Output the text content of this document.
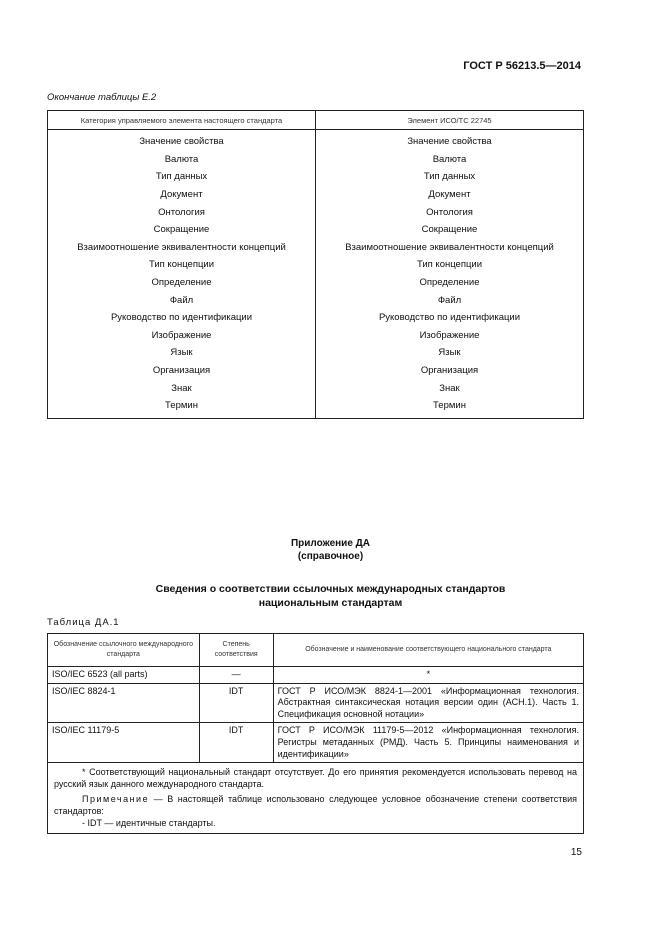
ГОСТ Р 56213.5—2014
Окончание таблицы Е.2
Категория управляемого элемента настоящего стандарта	Элемент ИСО/ТС 22745
Значение свойства	Значение свойства
Валюта	Валюта
Тип данных	Тип данных
Документ	Документ
Онтология	Онтология
Сокращение	Сокращение
Взаимоотношение эквивалентности концепций	Взаимоотношение эквивалентности концепций
Тип концепции	Тип концепции
Определение	Определение
Файл	Файл
Руководство по идентификации	Руководство по идентификации
Изображение	Изображение
Язык	Язык
Организация	Организация
Знак	Знак
Термин	Термин
Приложение ДА
(справочное)
Сведения о соответствии ссылочных международных стандартов
национальным стандартам
Таблица ДА.1
Обозначение ссылочного международного стандарта	Степень соответствия	Обозначение и наименование соответствующего национального стандарта
ISO/IEC 6523 (all parts)	—	*
ISO/IEC 8824-1	IDT	ГОСТ Р ИСО/МЭК 8824-1—2001 «Информационная технология. Абстрактная синтаксическая нотация версии один (АСН.1). Часть 1. Спецификация основной нотации»
ISO/IEC 11179-5	IDT	ГОСТ Р ИСО/МЭК 11179-5—2012 «Информационная технология. Регистры метаданных (РМД). Часть 5. Принципы наименования и идентификации»

* Соответствующий национальный стандарт отсутствует. До его принятия рекомендуется использовать перевод на русский язык данного международного стандарта.

Примечание — В настоящей таблице использовано следующее условное обозначение степени соответствия стандартов:

- IDT — идентичные стандарты.		

15
